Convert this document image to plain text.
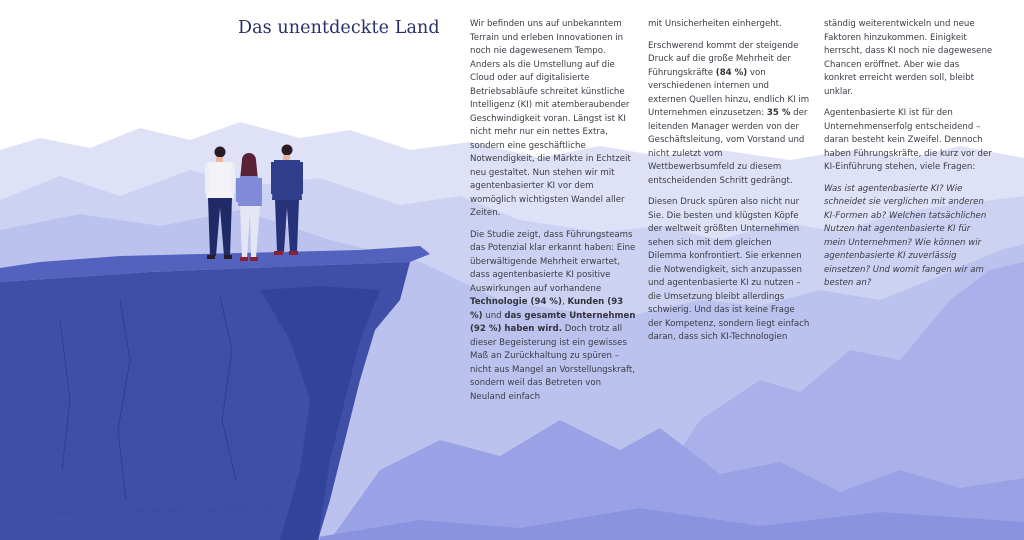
Das unentdeckte Land	Wir befinden uns auf unbekanntem Terrain und erleben Innovationen in noch nie dagewesenem Tempo. Anders als die Umstellung auf die Cloud oder auf digitalisierte Betriebsabläufe schreitet künstliche Intelligenz (KI) mit atemberaubender Geschwindigkeit voran. Längst ist KI nicht mehr nur ein nettes Extra, sondern eine geschäftliche Notwendigkeit, die Märkte in Echtzeit neu gestaltet. Nun stehen wir mit agentenbasierter KI vor dem womöglich wichtigsten Wandel aller Zeiten.

Die Studie zeigt, dass Führungsteams das Potenzial klar erkannt haben: Eine überwältigende Mehrheit erwartet, dass agentenbasierte KI positive Auswirkungen auf vorhandene Technologie (94 %), Kunden (93 %) und das gesamte Unternehmen (92 %) haben wird. Doch trotz all dieser Begeisterung ist ein gewisses Maß an Zurückhaltung zu spüren – nicht aus Mangel an Vorstellungskraft, sondern weil das Betreten von Neuland einfach

mit Unsicherheiten einhergeht.

Erschwerend kommt der steigende Druck auf die große Mehrheit der Führungskräfte (84 %) von verschiedenen internen und externen Quellen hinzu, endlich KI im Unternehmen einzusetzen: 35 % der leitenden Manager werden von der Geschäftsleitung, vom Vorstand und nicht zuletzt vom Wettbewerbsumfeld zu diesem entscheidenden Schritt gedrängt.

Diesen Druck spüren also nicht nur Sie. Die besten und klügsten Köpfe der weltweit größten Unternehmen sehen sich mit dem gleichen Dilemma konfrontiert. Sie erkennen die Notwendigkeit, sich anzupassen und agentenbasierte KI zu nutzen – die Umsetzung bleibt allerdings schwierig. Und das ist keine Frage der Kompetenz, sondern liegt einfach daran, dass sich KI-Technologien

ständig weiterentwickeln und neue Faktoren hinzukommen. Einigkeit herrscht, dass KI noch nie dagewesene Chancen eröffnet. Aber wie das konkret erreicht werden soll, bleibt unklar.

Agentenbasierte KI ist für den Unternehmenserfolg entscheidend – daran besteht kein Zweifel. Dennoch haben Führungskräfte, die kurz vor der KI-Einführung stehen, viele Fragen:

Was ist agentenbasierte KI? Wie schneidet sie verglichen mit anderen KI-Formen ab? Welchen tatsächlichen Nutzen hat agentenbasierte KI für mein Unternehmen? Wie können wir agentenbasierte KI zuverlässig einsetzen? Und womit fangen wir am besten an?

2	DER NÄCHSTE GROSSE SPRUNG FÜR FÜHRUNGSKRÄFTE
